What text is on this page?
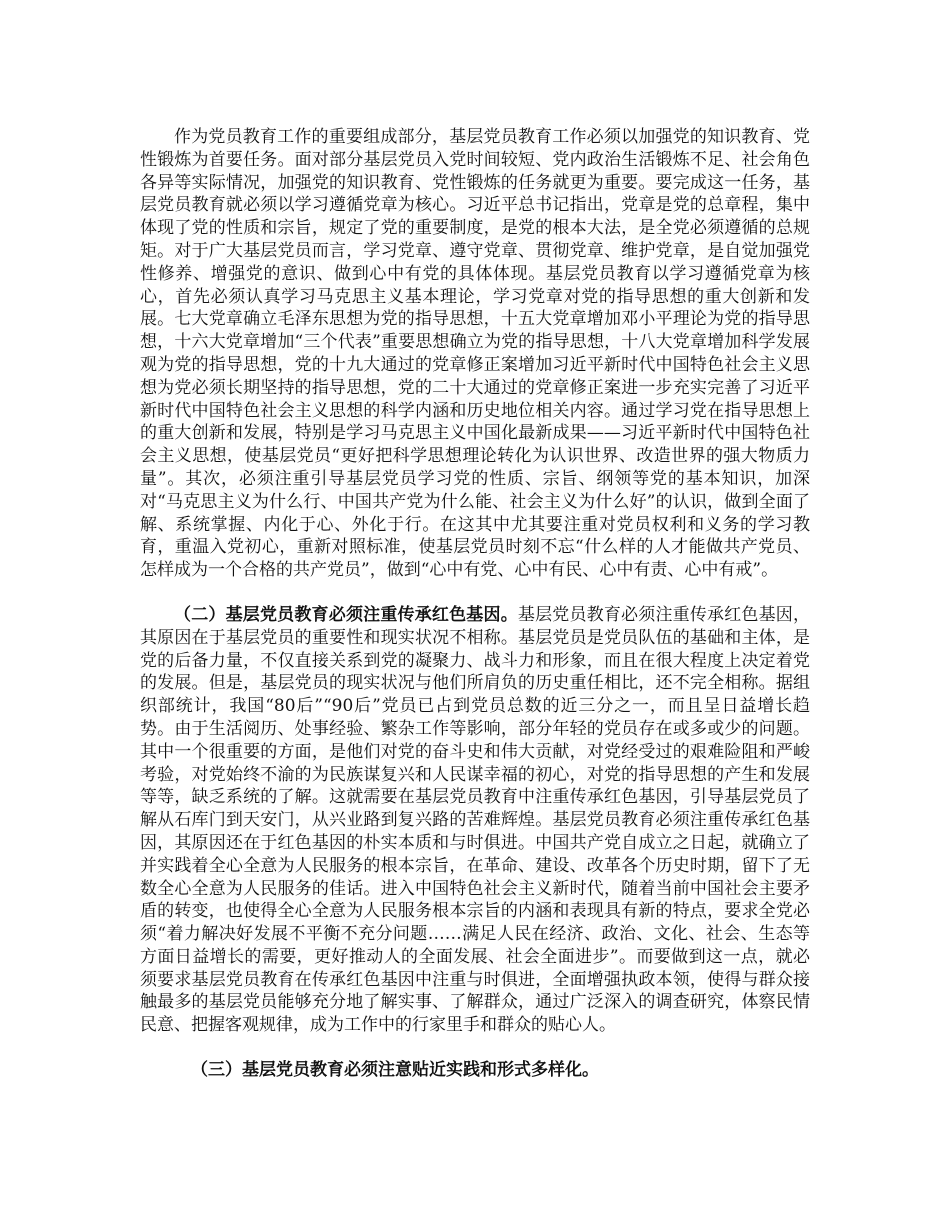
作为党员教育工作的重要组成部分，基层党员教育工作必须以加强党的知识教育、党性锻炼为首要任务。面对部分基层党员入党时间较短、党内政治生活锻炼不足、社会角色各异等实际情况，加强党的知识教育、党性锻炼的任务就更为重要。要完成这一任务，基层党员教育就必须以学习遵循党章为核心。习近平总书记指出，党章是党的总章程，集中体现了党的性质和宗旨，规定了党的重要制度，是党的根本大法，是全党必须遵循的总规矩。对于广大基层党员而言，学习党章、遵守党章、贯彻党章、维护党章，是自觉加强党性修养、增强党的意识、做到心中有党的具体体现。基层党员教育以学习遵循党章为核心，首先必须认真学习马克思主义基本理论，学习党章对党的指导思想的重大创新和发展。七大党章确立毛泽东思想为党的指导思想，十五大党章增加邓小平理论为党的指导思想，十六大党章增加“三个代表”重要思想确立为党的指导思想，十八大党章增加科学发展观为党的指导思想，党的十九大通过的党章修正案增加习近平新时代中国特色社会主义思想为党必须长期坚持的指导思想，党的二十大通过的党章修正案进一步充实完善了习近平新时代中国特色社会主义思想的科学内涵和历史地位相关内容。通过学习党在指导思想上的重大创新和发展，特别是学习马克思主义中国化最新成果——习近平新时代中国特色社会主义思想，使基层党员“更好把科学思想理论转化为认识世界、改造世界的强大物质力量”。其次，必须注重引导基层党员学习党的性质、宗旨、纲领等党的基本知识，加深对“马克思主义为什么行、中国共产党为什么能、社会主义为什么好”的认识，做到全面了解、系统掌握、内化于心、外化于行。在这其中尤其要注重对党员权利和义务的学习教育，重温入党初心，重新对照标准，使基层党员时刻不忘“什么样的人才能做共产党员、怎样成为一个合格的共产党员”，做到“心中有党、心中有民、心中有责、心中有戒”。

（二）基层党员教育必须注重传承红色基因。基层党员教育必须注重传承红色基因，其原因在于基层党员的重要性和现实状况不相称。基层党员是党员队伍的基础和主体，是党的后备力量，不仅直接关系到党的凝聚力、战斗力和形象，而且在很大程度上决定着党的发展。但是，基层党员的现实状况与他们所肩负的历史重任相比，还不完全相称。据组织部统计，我国“80后”“90后”党员已占到党员总数的近三分之一，而且呈日益增长趋势。由于生活阅历、处事经验、繁杂工作等影响，部分年轻的党员存在或多或少的问题。其中一个很重要的方面，是他们对党的奋斗史和伟大贡献，对党经受过的艰难险阻和严峻考验，对党始终不渝的为民族谋复兴和人民谋幸福的初心，对党的指导思想的产生和发展等等，缺乏系统的了解。这就需要在基层党员教育中注重传承红色基因，引导基层党员了解从石库门到天安门，从兴业路到复兴路的苦难辉煌。基层党员教育必须注重传承红色基因，其原因还在于红色基因的朴实本质和与时俱进。中国共产党自成立之日起，就确立了并实践着全心全意为人民服务的根本宗旨，在革命、建设、改革各个历史时期，留下了无数全心全意为人民服务的佳话。进入中国特色社会主义新时代，随着当前中国社会主要矛盾的转变，也使得全心全意为人民服务根本宗旨的内涵和表现具有新的特点，要求全党必须“着力解决好发展不平衡不充分问题……满足人民在经济、政治、文化、社会、生态等方面日益增长的需要，更好推动人的全面发展、社会全面进步”。而要做到这一点，就必须要求基层党员教育在传承红色基因中注重与时俱进，全面增强执政本领，使得与群众接触最多的基层党员能够充分地了解实事、了解群众，通过广泛深入的调查研究，体察民情民意、把握客观规律，成为工作中的行家里手和群众的贴心人。

（三）基层党员教育必须注意贴近实践和形式多样化。
